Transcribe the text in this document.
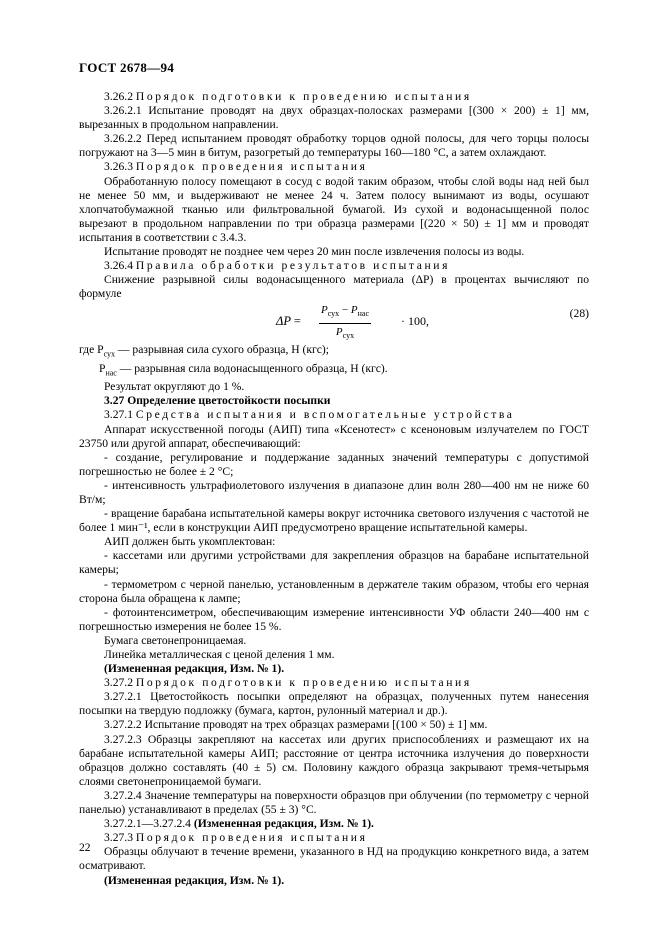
ГОСТ 2678—94

3.26.2 Порядок подготовки к проведению испытания

3.26.2.1 Испытание проводят на двух образцах-полосках размерами [(300 × 200) ± 1] мм, вырезанных в продольном направлении.

3.26.2.2 Перед испытанием проводят обработку торцов одной полосы, для чего торцы полосы погружают на 3—5 мин в битум, разогретый до температуры 160—180 °С, а затем охлаждают.

3.26.3 Порядок проведения испытания

Обработанную полосу помещают в сосуд с водой таким образом, чтобы слой воды над ней был не менее 50 мм, и выдерживают не менее 24 ч. Затем полосу вынимают из воды, осушают хлопчатобумажной тканью или фильтровальной бумагой. Из сухой и водонасыщенной полос вырезают в продольном направлении по три образца размерами [(220 × 50) ± 1] мм и проводят испытания в соответствии с 3.4.3.

Испытание проводят не позднее чем через 20 мин после извлечения полосы из воды.

3.26.4 Правила обработки результатов испытания

Снижение разрывной силы водонасыщенного материала (ΔP) в процентах вычисляют по формуле

ΔP =
$P_{сух} - P_{нас}$
$P_{сух}$
· 100,
(28)

где $P_{сух}$ — разрывная сила сухого образца, Н (кгс);

$P_{нас}$ — разрывная сила водонасыщенного образца, Н (кгс).

Результат округляют до 1 %.

3.27 Определение цветостойкости посыпки

3.27.1 Средства испытания и вспомогательные устройства

Аппарат искусственной погоды (АИП) типа «Ксенотест» с ксеноновым излучателем по ГОСТ 23750 или другой аппарат, обеспечивающий:

- создание, регулирование и поддержание заданных значений температуры с допустимой погрешностью не более ± 2 °С;

- интенсивность ультрафиолетового излучения в диапазоне длин волн 280—400 нм не ниже 60 Вт/м;

- вращение барабана испытательной камеры вокруг источника светового излучения с частотой не более 1 мин⁻¹, если в конструкции АИП предусмотрено вращение испытательной камеры.

АИП должен быть укомплектован:

- кассетами или другими устройствами для закрепления образцов на барабане испытательной камеры;

- термометром с черной панелью, установленным в держателе таким образом, чтобы его черная сторона была обращена к лампе;

- фотоинтенсиметром, обеспечивающим измерение интенсивности УФ области 240—400 нм с погрешностью измерения не более 15 %.

Бумага светонепроницаемая.

Линейка металлическая с ценой деления 1 мм.

(Измененная редакция, Изм. № 1).

3.27.2 Порядок подготовки к проведению испытания

3.27.2.1 Цветостойкость посыпки определяют на образцах, полученных путем нанесения посыпки на твердую подложку (бумага, картон, рулонный материал и др.).

3.27.2.2 Испытание проводят на трех образцах размерами [(100 × 50) ± 1] мм.

3.27.2.3 Образцы закрепляют на кассетах или других приспособлениях и размещают их на барабане испытательной камеры АИП; расстояние от центра источника излучения до поверхности образцов должно составлять (40 ± 5) см. Половину каждого образца закрывают тремя-четырьмя слоями светонепроницаемой бумаги.

3.27.2.4 Значение температуры на поверхности образцов при облучении (по термометру с черной панелью) устанавливают в пределах (55 ± 3) °С.

3.27.2.1—3.27.2.4 (Измененная редакция, Изм. № 1).

3.27.3 Порядок проведения испытания

Образцы облучают в течение времени, указанного в НД на продукцию конкретного вида, а затем осматривают.

(Измененная редакция, Изм. № 1).

22
